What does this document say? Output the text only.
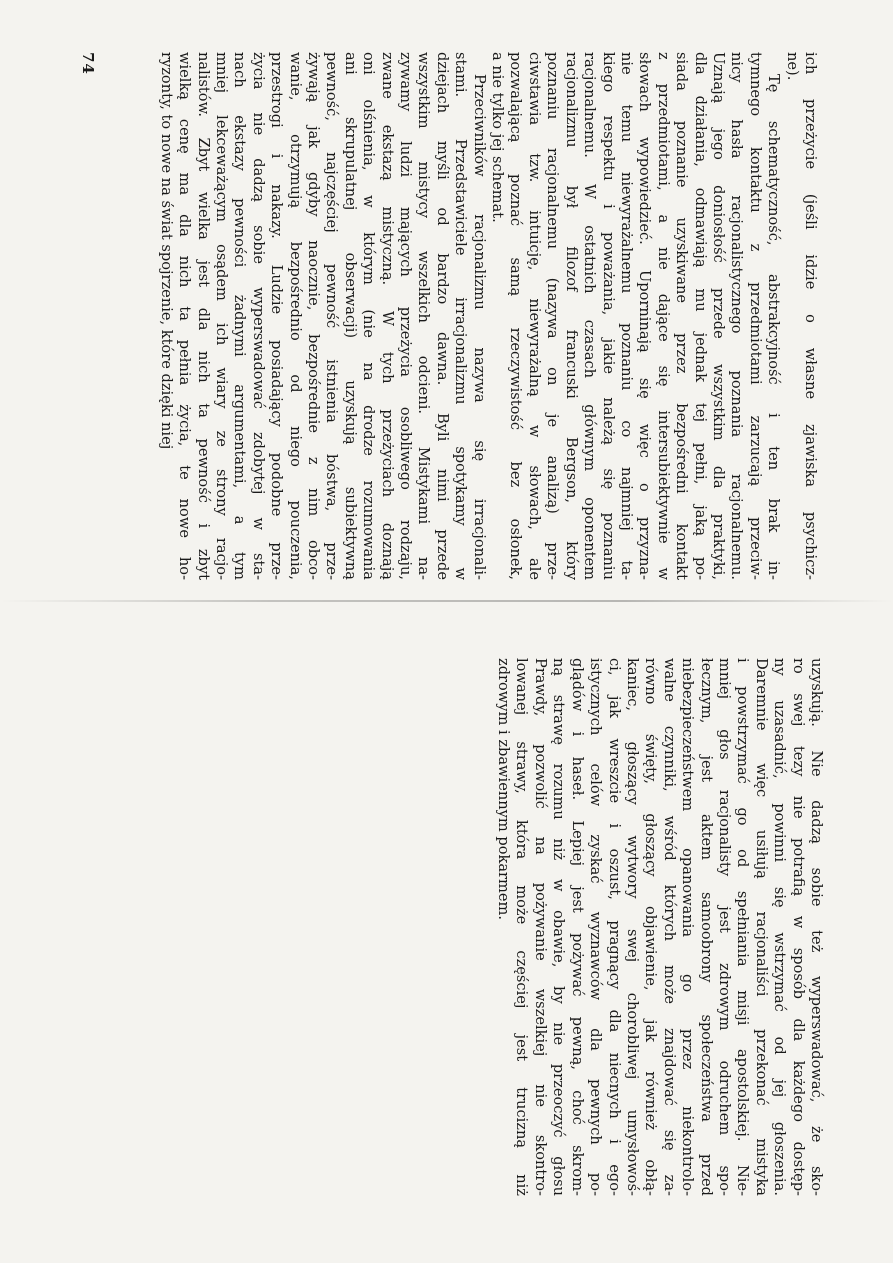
ich przeżycie (jeśli idzie o własne zjawiska psychicz-
ne).
Tę schematyczność, abstrakcyjność i ten brak in-
tymnego kontaktu z przedmiotami zarzucają przeciw-
nicy hasła racjonalistycznego poznania racjonalnemu.
Uznają jego doniosłość przede wszystkim dla praktyki,
dla działania, odmawiają mu jednak tej pełni, jaką po-
siada poznanie uzyskiwane przez bezpośredni kontakt
z przedmiotami, a nie dające się intersubiektywnie w
słowach wypowiedzieć. Uporninają się więc o przyzna-
nie temu niewyrażalnemu poznaniu co najmniej ta-
kiego respektu i poważania, jakie należą się poznaniu
racjonalnemu. W ostatnich czasach głównym oponentem
racjonalizmu był filozof francuski Bergson, który
poznaniu racjonalnemu (nazywa on je analizą) prze-
ciwstawia tzw. intuicję, niewyrażalną w słowach, ale
pozwalającą poznać samą rzeczywistość bez osłonek,
a nie tylko jej schemat.
Przeciwników racjonalizmu nazywa się irracjonali-
stami. Przedstawiciele irracjonalizmu spotykamy w
dziejach myśli od bardzo dawna. Byli nimi przede
wszystkim mistycy wszelkich odcieni. Mistykami na-
zywamy ludzi mających przeżycia osobliwego rodzaju,
zwane ekstazą mistyczną. W tych przeżyciach doznają
oni olśnienia, w którym (nie na drodze rozumowania
ani skrupulatnej obserwacji) uzyskują subiektywną
pewność, najczęściej pewność istnienia bóstwa, prze-
żywają jak gdyby naocznie, bezpośrednie z nim obco-
wanie, otrzymują bezpośrednio od niego pouczenia,
przestrogi i nakazy. Ludzie posiadający podobne prze-
życia nie dadzą sobie wyperswadować zdobytej w sta-
nach ekstazy pewności żadnymi argumentami, a tym
mniej lekceważącym osądem ich wiary ze strony racjo-
nalistów. Zbyt wielka jest dla nich ta pewność i zbyt
wielką cenę ma dla nich ta pełnia życia, te nowe ho-
ryzonty, to nowe na świat spojrzenie, które dzięki niej
uzyskują. Nie dadzą sobie też wyperswadować, że sko-
ro swej tezy nie potrafią w sposób dla każdego dostęp-
ny uzasadnić, powinni się wstrzymać od jej głoszenia.
Daremnie więc usiłują racjonaliści przekonać mistyka
i powstrzymać go od spełniania misji apostolskiej. Nie-
mniej głos racjonalisty jest zdrowym odruchem spo-
łecznym, jest aktem samoobrony społeczeństwa przed
niebezpieczeństwem opanowania go przez niekontrolo-
walne czynniki, wśród których może znajdować się za-
równo święty, głoszący objawienie, jak również obłą-
kaniec, głoszący wytwory swej chorobliwej umysłowoś-
ci, jak wreszcie i oszust, pragnący dla niecnych i ego-
istycznych celów zyskać wyznawców dla pewnych po-
glądów i haseł. Lepiej jest pożywać pewną, choć skrom-
ną strawę rozumu niż w obawie, by nie przeoczyć głosu
Prawdy, pozwolić na pożywanie wszelkiej nie skontro-
lowanej strawy, która może częściej jest trucizną niż
zdrowym i zbawiennym pokarmem.
74
